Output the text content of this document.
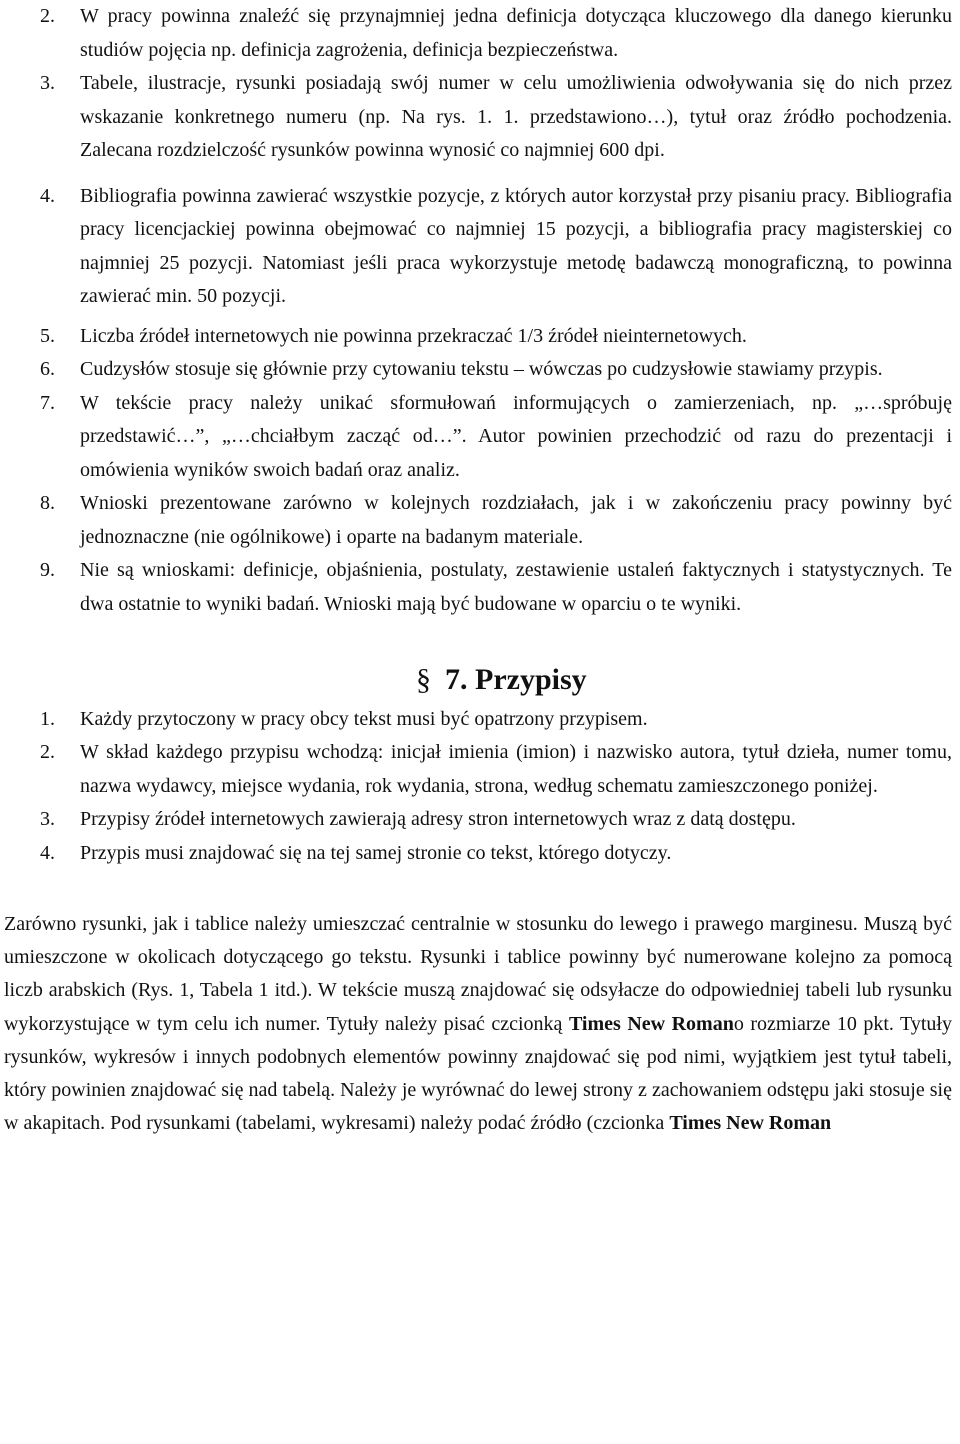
2. W pracy powinna znaleźć się przynajmniej jedna definicja dotycząca kluczowego dla danego kierunku studiów pojęcia np. definicja zagrożenia, definicja bezpieczeństwa.
3. Tabele, ilustracje, rysunki posiadają swój numer w celu umożliwienia odwoływania się do nich przez wskazanie konkretnego numeru (np. Na rys. 1. 1. przedstawiono…), tytuł oraz źródło pochodzenia. Zalecana rozdzielczość rysunków powinna wynosić co najmniej 600 dpi.
4. Bibliografia powinna zawierać wszystkie pozycje, z których autor korzystał przy pisaniu pracy. Bibliografia pracy licencjackiej powinna obejmować co najmniej 15 pozycji, a bibliografia pracy magisterskiej co najmniej 25 pozycji. Natomiast jeśli praca wykorzystuje metodę badawczą monograficzną, to powinna zawierać min. 50 pozycji.
5. Liczba źródeł internetowych nie powinna przekraczać 1/3 źródeł nieinternetowych.
6. Cudzysłów stosuje się głównie przy cytowaniu tekstu – wówczas po cudzysłowie stawiamy przypis.
7. W tekście pracy należy unikać sformułowań informujących o zamierzeniach, np. „…spróbuję przedstawić…”, „…chciałbym zacząć od…”. Autor powinien przechodzić od razu do prezentacji i omówienia wyników swoich badań oraz analiz.
8. Wnioski prezentowane zarówno w kolejnych rozdziałach, jak i w zakończeniu pracy powinny być jednoznaczne (nie ogólnikowe) i oparte na badanym materiale.
9. Nie są wnioskami: definicje, objaśnienia, postulaty, zestawienie ustaleń faktycznych i statystycznych. Te dwa ostatnie to wyniki badań. Wnioski mają być budowane w oparciu o te wyniki.
§ 7. Przypisy
1. Każdy przytoczony w pracy obcy tekst musi być opatrzony przypisem.
2. W skład każdego przypisu wchodzą: inicjał imienia (imion) i nazwisko autora, tytuł dzieła, numer tomu, nazwa wydawcy, miejsce wydania, rok wydania, strona, według schematu zamieszczonego poniżej.
3. Przypisy źródeł internetowych zawierają adresy stron internetowych wraz z datą dostępu.
4. Przypis musi znajdować się na tej samej stronie co tekst, którego dotyczy.

Zarówno rysunki, jak i tablice należy umieszczać centralnie w stosunku do lewego i prawego marginesu. Muszą być umieszczone w okolicach dotyczącego go tekstu. Rysunki i tablice powinny być numerowane kolejno za pomocą liczb arabskich (Rys. 1, Tabela 1 itd.). W tekście muszą znajdować się odsyłacze do odpowiedniej tabeli lub rysunku wykorzystujące w tym celu ich numer. Tytuły należy pisać czcionką Times New Romano rozmiarze 10 pkt. Tytuły rysunków, wykresów i innych podobnych elementów powinny znajdować się pod nimi, wyjątkiem jest tytuł tabeli, który powinien znajdować się nad tabelą. Należy je wyrównać do lewej strony z zachowaniem odstępu jaki stosuje się w akapitach. Pod rysunkami (tabelami, wykresami) należy podać źródło (czcionka Times New Roman
